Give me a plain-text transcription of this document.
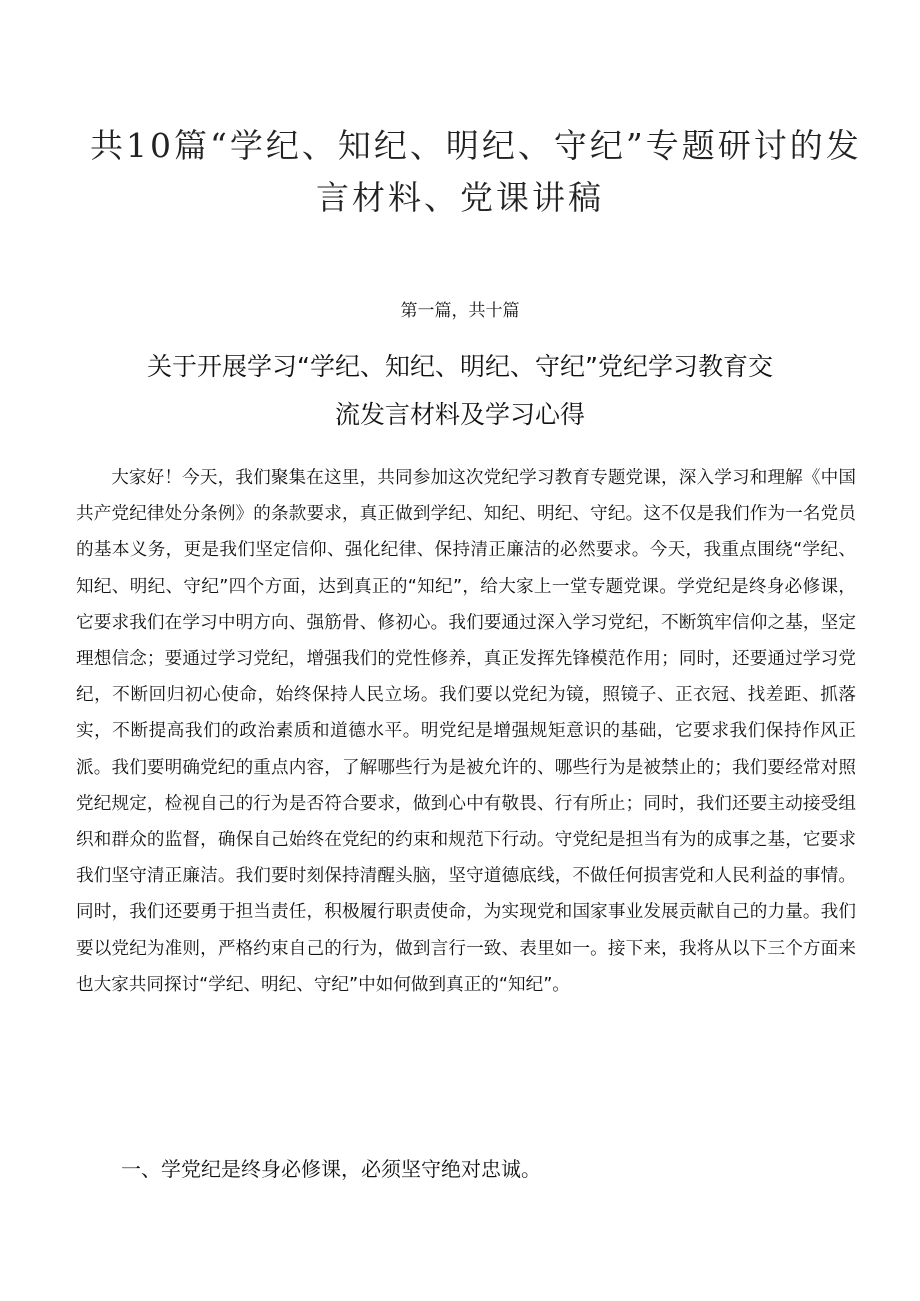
共10篇“学纪、知纪、明纪、守纪”专题研讨的发
言材料、党课讲稿
第一篇，共十篇
关于开展学习“学纪、知纪、明纪、守纪”党纪学习教育交
流发言材料及学习心得

大家好！今天，我们聚集在这里，共同参加这次党纪学习教育专题党课，深入学习和理解《中国共产党纪律处分条例》的条款要求，真正做到学纪、知纪、明纪、守纪。这不仅是我们作为一名党员的基本义务，更是我们坚定信仰、强化纪律、保持清正廉洁的必然要求。今天，我重点围绕“学纪、知纪、明纪、守纪”四个方面，达到真正的“知纪”，给大家上一堂专题党课。学党纪是终身必修课，它要求我们在学习中明方向、强筋骨、修初心。我们要通过深入学习党纪，不断筑牢信仰之基，坚定理想信念；要通过学习党纪，增强我们的党性修养，真正发挥先锋模范作用；同时，还要通过学习党纪，不断回归初心使命，始终保持人民立场。我们要以党纪为镜，照镜子、正衣冠、找差距、抓落实，不断提高我们的政治素质和道德水平。明党纪是增强规矩意识的基础，它要求我们保持作风正派。我们要明确党纪的重点内容，了解哪些行为是被允许的、哪些行为是被禁止的；我们要经常对照党纪规定，检视自己的行为是否符合要求，做到心中有敬畏、行有所止；同时，我们还要主动接受组织和群众的监督，确保自己始终在党纪的约束和规范下行动。守党纪是担当有为的成事之基，它要求我们坚守清正廉洁。我们要时刻保持清醒头脑，坚守道德底线，不做任何损害党和人民利益的事情。同时，我们还要勇于担当责任，积极履行职责使命，为实现党和国家事业发展贡献自己的力量。我们要以党纪为准则，严格约束自己的行为，做到言行一致、表里如一。接下来，我将从以下三个方面来也大家共同探讨“学纪、明纪、守纪”中如何做到真正的“知纪”。

一、学党纪是终身必修课，必须坚守绝对忠诚。
